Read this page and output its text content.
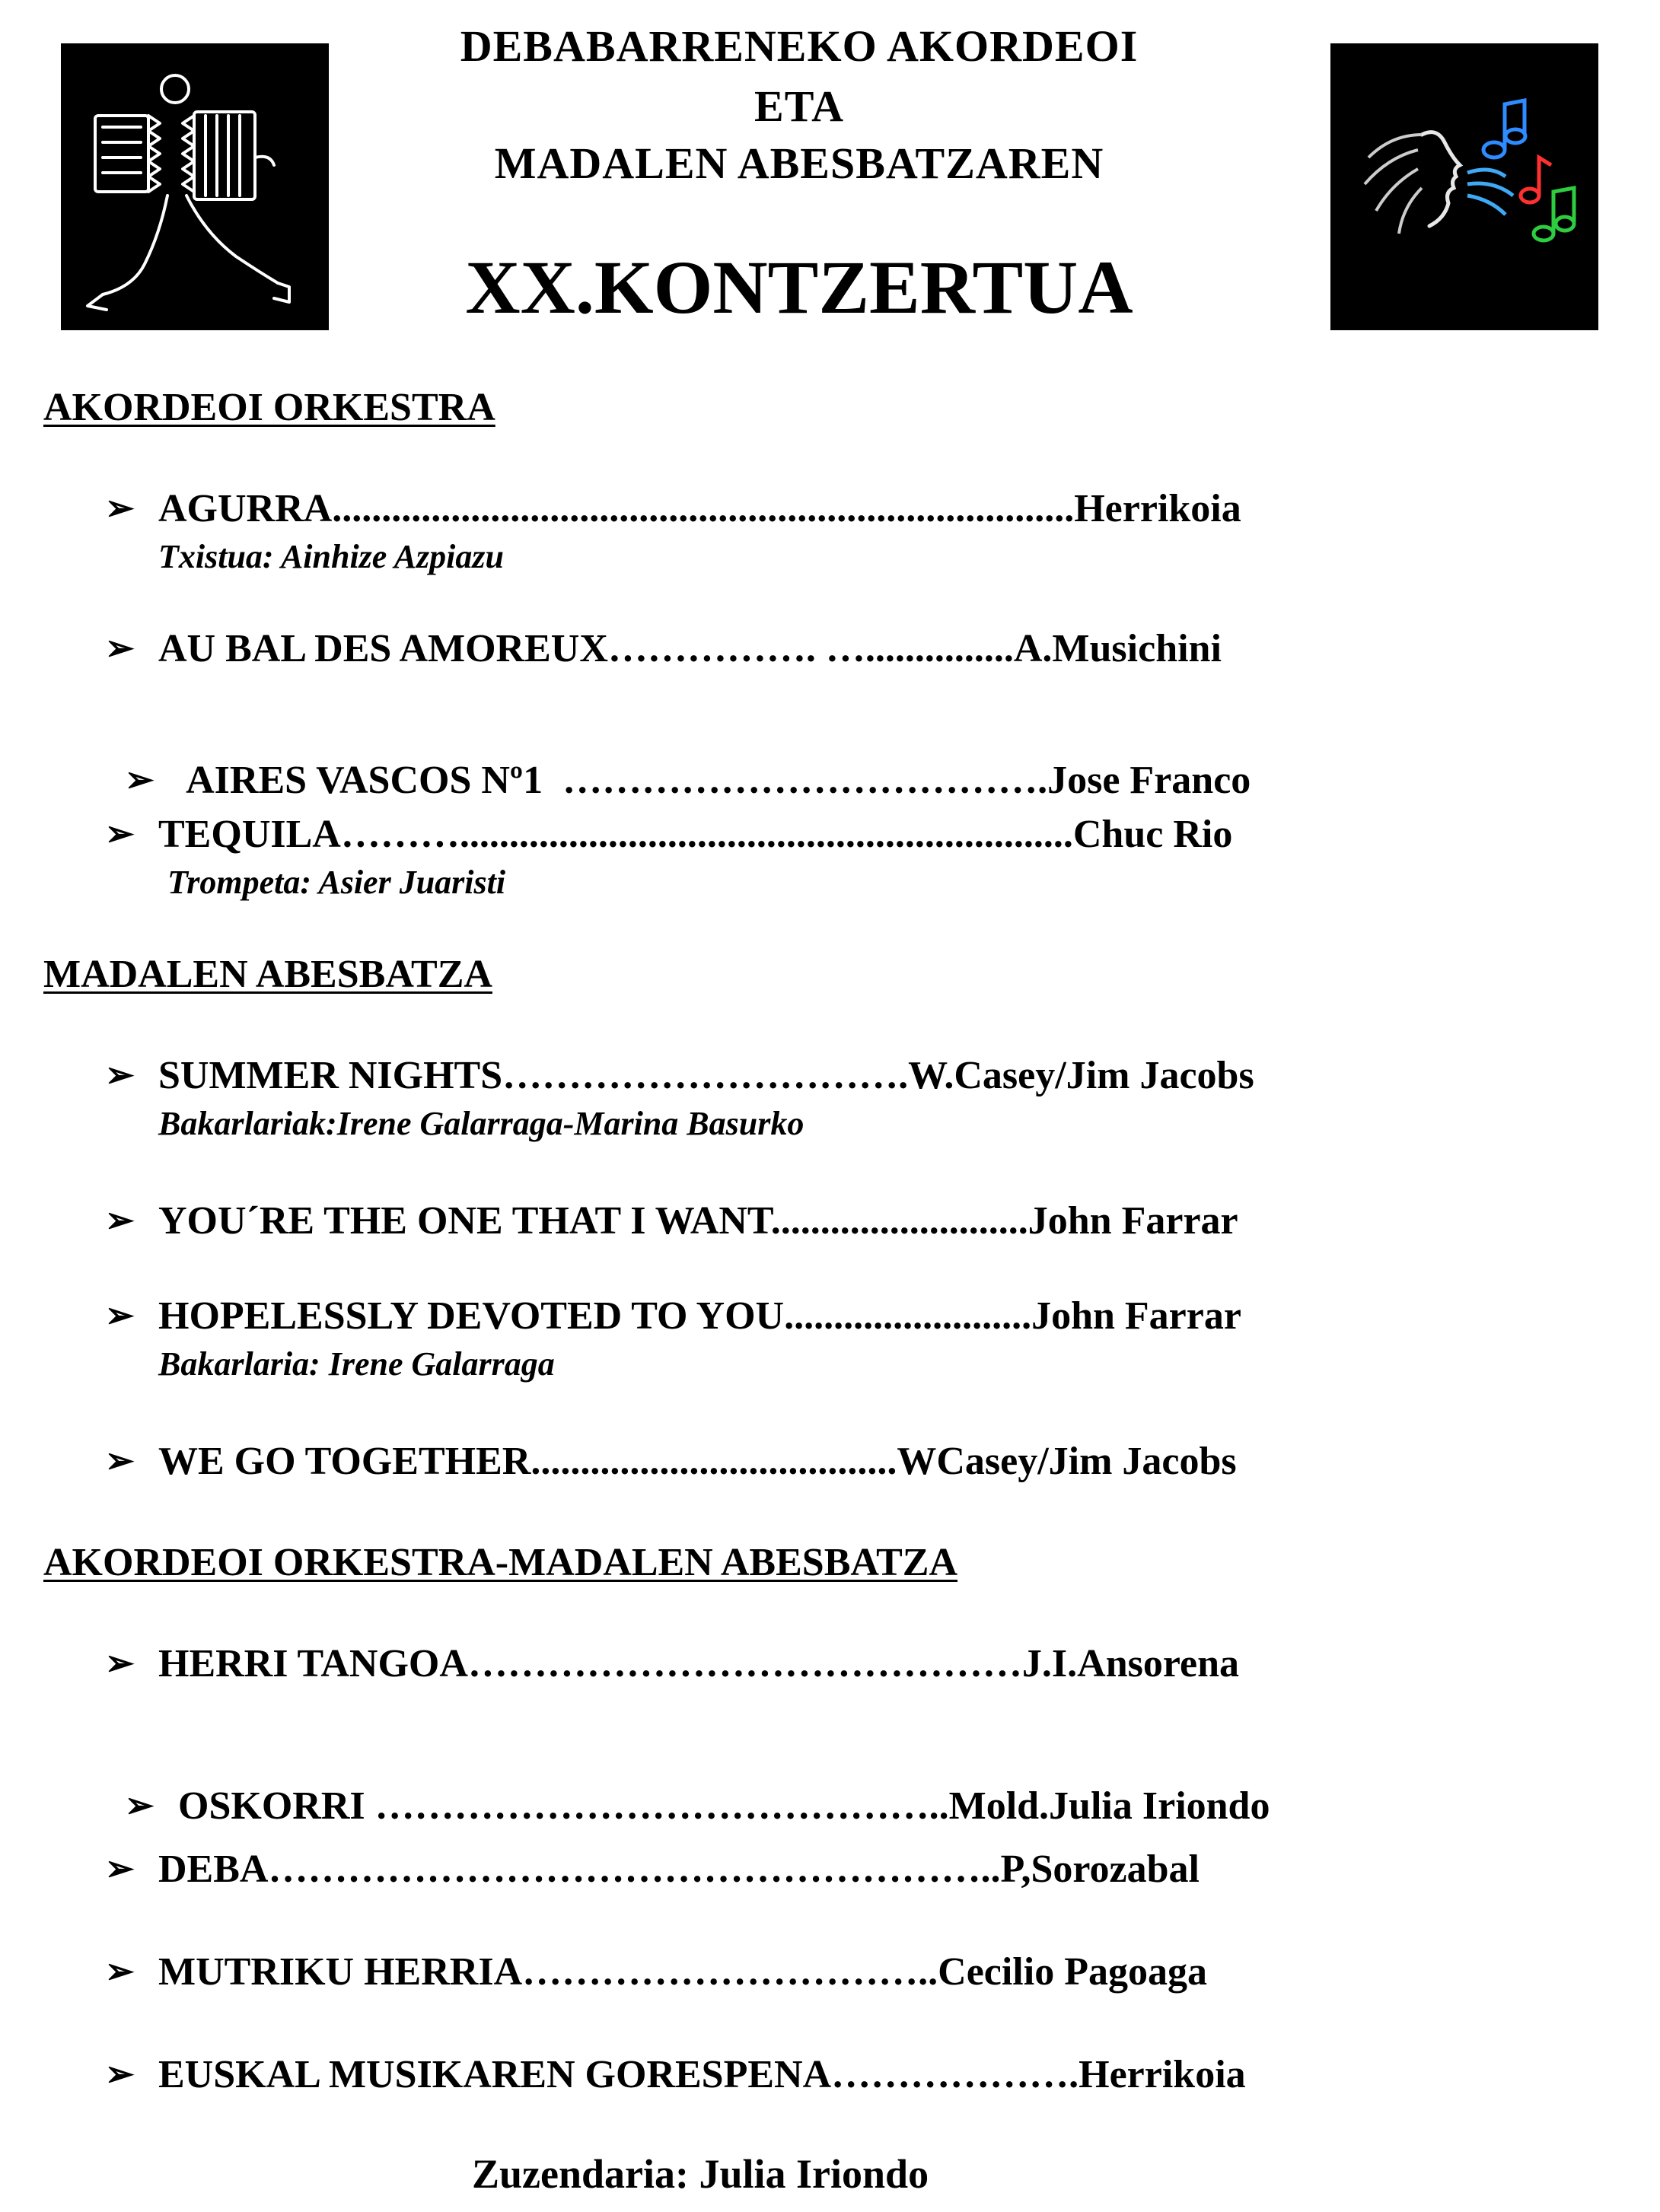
DEBABARRENEKO AKORDEOI
ETA
MADALEN ABESBATZAREN
XX.KONTZERTUA
AKORDEOI ORKESTRA
➢ AGURRA...........................................................................Herrikoia
Txistua: Ainhize Azpiazu
➢ AU BAL DES AMOREUX……………. …...............A.Musichini

➢ AIRES VASCOS Nº1  ……………………………….Jose Franco

➢ TEQUILA………..............................................................Chuc Rio
Trompeta: Asier Juaristi
MADALEN ABESBATZA
➢ SUMMER NIGHTS………………………….W.Casey/Jim Jacobs
Bakarlariak:Irene Galarraga-Marina Basurko
➢ YOU´RE THE ONE THAT I WANT..........................John Farrar
➢ HOPELESSLY DEVOTED TO YOU.........................John Farrar
Bakarlaria: Irene Galarraga
➢ WE GO TOGETHER.....................................WCasey/Jim Jacobs
AKORDEOI ORKESTRA-MADALEN ABESBATZA
➢ HERRI TANGOA……………………………………J.I.Ansorena

➢ OSKORRI ……………………………………..Mold.Julia Iriondo

➢ DEBA………………………………………………..P,Sorozabal
➢ MUTRIKU HERRIA…………………………..Cecilio Pagoaga
➢ EUSKAL MUSIKAREN GORESPENA……………….Herrikoia
Zuzendaria: Julia Iriondo
